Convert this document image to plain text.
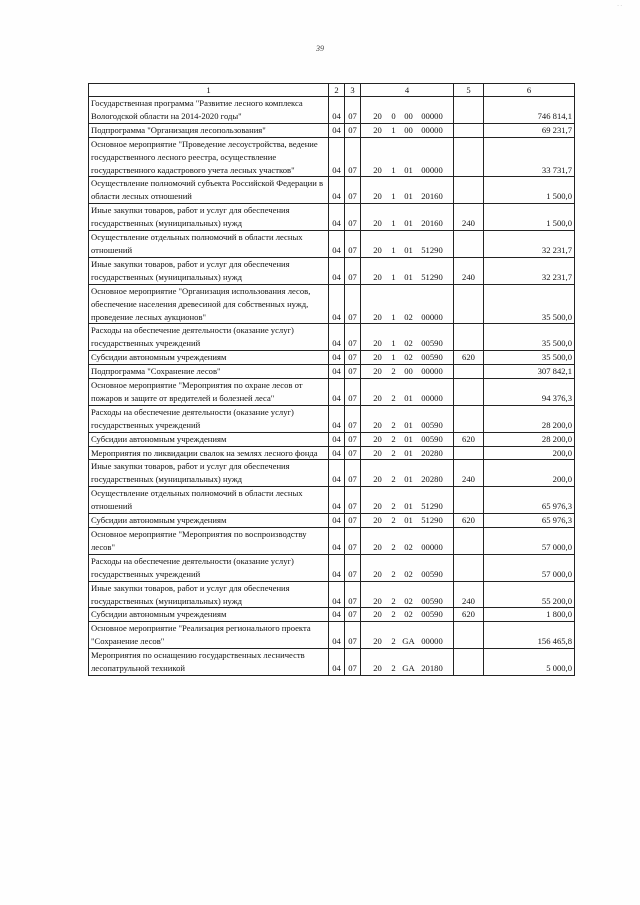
39
1	2	3	4	5	6
Государственная программа "Развитие лесного комплекса Вологодской области на 2014-2020 годы"	04	07	20 0 00 00000		746 814,1
Подпрограмма "Организация лесопользования"	04	07	20 1 00 00000		69 231,7
Основное мероприятие "Проведение лесоустройства, ведение государственного лесного реестра, осуществление государственного кадастрового учета лесных участков"	04	07	20 1 01 00000		33 731,7
Осуществление полномочий субъекта Российской Федерации в области лесных отношений	04	07	20 1 01 20160		1 500,0
Иные закупки товаров, работ и услуг для обеспечения государственных (муниципальных) нужд	04	07	20 1 01 20160	240	1 500,0
Осуществление отдельных полномочий в области лесных отношений	04	07	20 1 01 51290		32 231,7
Иные закупки товаров, работ и услуг для обеспечения государственных (муниципальных) нужд	04	07	20 1 01 51290	240	32 231,7
Основное мероприятие "Организация использования лесов, обеспечение населения древесиной для собственных нужд, проведение лесных аукционов"	04	07	20 1 02 00000		35 500,0
Расходы на обеспечение деятельности (оказание услуг) государственных учреждений	04	07	20 1 02 00590		35 500,0
Субсидии автономным учреждениям	04	07	20 1 02 00590	620	35 500,0
Подпрограмма "Сохранение лесов"	04	07	20 2 00 00000		307 842,1
Основное мероприятие "Мероприятия по охране лесов от пожаров и защите от вредителей и болезней леса"	04	07	20 2 01 00000		94 376,3
Расходы на обеспечение деятельности (оказание услуг) государственных учреждений	04	07	20 2 01 00590		28 200,0
Субсидии автономным учреждениям	04	07	20 2 01 00590	620	28 200,0
Мероприятия по ликвидации свалок на землях лесного фонда	04	07	20 2 01 20280		200,0
Иные закупки товаров, работ и услуг для обеспечения государственных (муниципальных) нужд	04	07	20 2 01 20280	240	200,0
Осуществление отдельных полномочий в области лесных отношений	04	07	20 2 01 51290		65 976,3
Субсидии автономным учреждениям	04	07	20 2 01 51290	620	65 976,3
Основное мероприятие "Мероприятия по воспроизводству лесов"	04	07	20 2 02 00000		57 000,0
Расходы на обеспечение деятельности (оказание услуг) государственных учреждений	04	07	20 2 02 00590		57 000,0
Иные закупки товаров, работ и услуг для обеспечения государственных (муниципальных) нужд	04	07	20 2 02 00590	240	55 200,0
Субсидии автономным учреждениям	04	07	20 2 02 00590	620	1 800,0
Основное мероприятие "Реализация регионального проекта "Сохранение лесов"	04	07	20 2 GA 00000		156 465,8
Мероприятия по оснащению государственных лесничеств лесопатрульной техникой	04	07	20 2 GA 20180		5 000,0
· ·
